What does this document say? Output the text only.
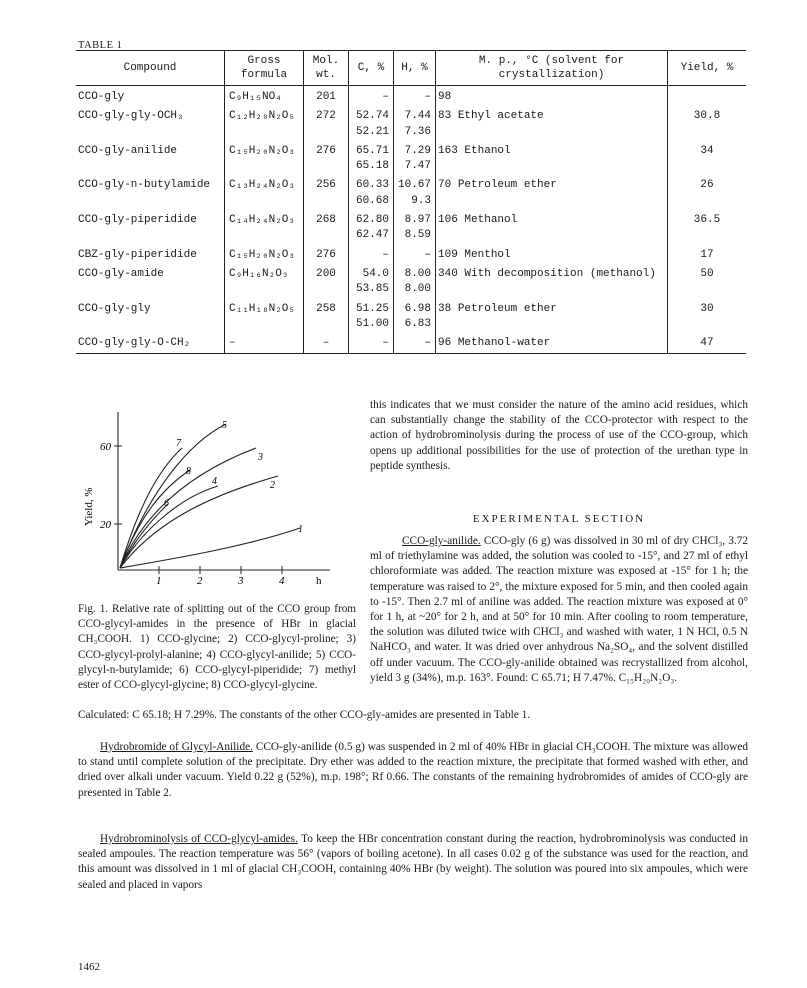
TABLE 1
Compound	Gross formula	Mol. wt.	C, %	H, %	M. p., °C (solvent for crystallization)	Yield, %
CCO-gly	C₉H₁₅NO₄	201	–	–	98	

CCO-gly-gly-OCH₃	C₁₂H₂₀N₂O₅	272	52.74	7.44	83 Ethyl acetate	30.8
			52.21	7.36		

CCO-gly-anilide	C₁₅H₂₀N₂O₃	276	65.71	7.29	163 Ethanol	34
			65.18	7.47		

CCO-gly-n-butylamide	C₁₃H₂₄N₂O₃	256	60.33	10.67	70 Petroleum ether	26
			60.68	9.3		

CCO-gly-piperidide	C₁₄H₂₄N₂O₃	268	62.80	8.97	106 Methanol	36.5
			62.47	8.59		

CBZ-gly-piperidide	C₁₅H₂₀N₂O₃	276	–	–	109 Menthol	17

CCO-gly-amide	C₉H₁₆N₂O₃	200	54.0	8.00	340 With decomposition (methanol)	50
			53.85	8.00		

CCO-gly-gly	C₁₁H₁₈N₂O₅	258	51.25	6.98	38 Petroleum ether	30
			51.00	6.83		

CCO-gly-gly-O-CH₂	–	–	–	–	96 Methanol-water	47
60
20
1	2	3	4	h
Yield, %
5
7
3
8
4	2
6
1
Fig. 1. Relative rate of splitting out of the CCO group from CCO-glycyl-amides in the presence of HBr in glacial CH₃COOH. 1) CCO-glycine; 2) CCO-glycyl-proline; 3) CCO-glycyl-prolyl-alanine; 4) CCO-glycyl-anilide; 5) CCO-glycyl-n-butylamide; 6) CCO-glycyl-piperidide; 7) methyl ester of CCO-glycyl-glycine; 8) CCO-glycyl-glycine.
this indicates that we must consider the nature of the amino acid residues, which can substantially change the stability of the CCO-protector with respect to the action of hydrobrominolysis during the process of use of the CCO-group, which opens up additional possibilities for the use of protection of the urethan type in peptide synthesis.
EXPERIMENTAL SECTION
CCO-gly-anilide. CCO-gly (6 g) was dissolved in 30 ml of dry CHCl₃, 3.72 ml of triethylamine was added, the solution was cooled to -15°, and 27 ml of ethyl chloroformiate was added. The reaction mixture was exposed at -15° for 1 h; the temperature was raised to 2°, the mixture exposed for 5 min, and then cooled again to -15°. Then 2.7 ml of aniline was added. The reaction mixture was exposed at 0° for 1 h, at ~20° for 2 h, and at 50° for 10 min. After cooling to room temperature, the solution was diluted twice with CHCl₃ and washed with water, 1 N HCl, 0.5 N NaHCO₃ and water. It was dried over anhydrous Na₂SO₄, and the solvent distilled off under vacuum. The CCO-gly-anilide obtained was recrystallized from alcohol, yield 3 g (34%), m.p. 163°. Found: C 65.71; H 7.47%. C₁₅H₂₀N₂O₃.
Calculated: C 65.18; H 7.29%. The constants of the other CCO-gly-amides are presented in Table 1.
Hydrobromide of Glycyl-Anilide. CCO-gly-anilide (0.5 g) was suspended in 2 ml of 40% HBr in glacial CH₃COOH. The mixture was allowed to stand until complete solution of the precipitate. Dry ether was added to the reaction mixture, the precipitate that formed washed with ether, and dried over alkali under vacuum. Yield 0.22 g (52%), m.p. 198°; Rf 0.66. The constants of the remaining hydrobromides of amides of CCO-gly are presented in Table 2.
Hydrobrominolysis of CCO-glycyl-amides. To keep the HBr concentration constant during the reaction, hydrobrominolysis was conducted in sealed ampoules. The reaction temperature was 56° (vapors of boiling acetone). In all cases 0.02 g of the substance was used for the reaction, and this amount was dissolved in 1 ml of glacial CH₃COOH, containing 40% HBr (by weight). The solution was poured into six ampoules, which were sealed and placed in vapors
1462
